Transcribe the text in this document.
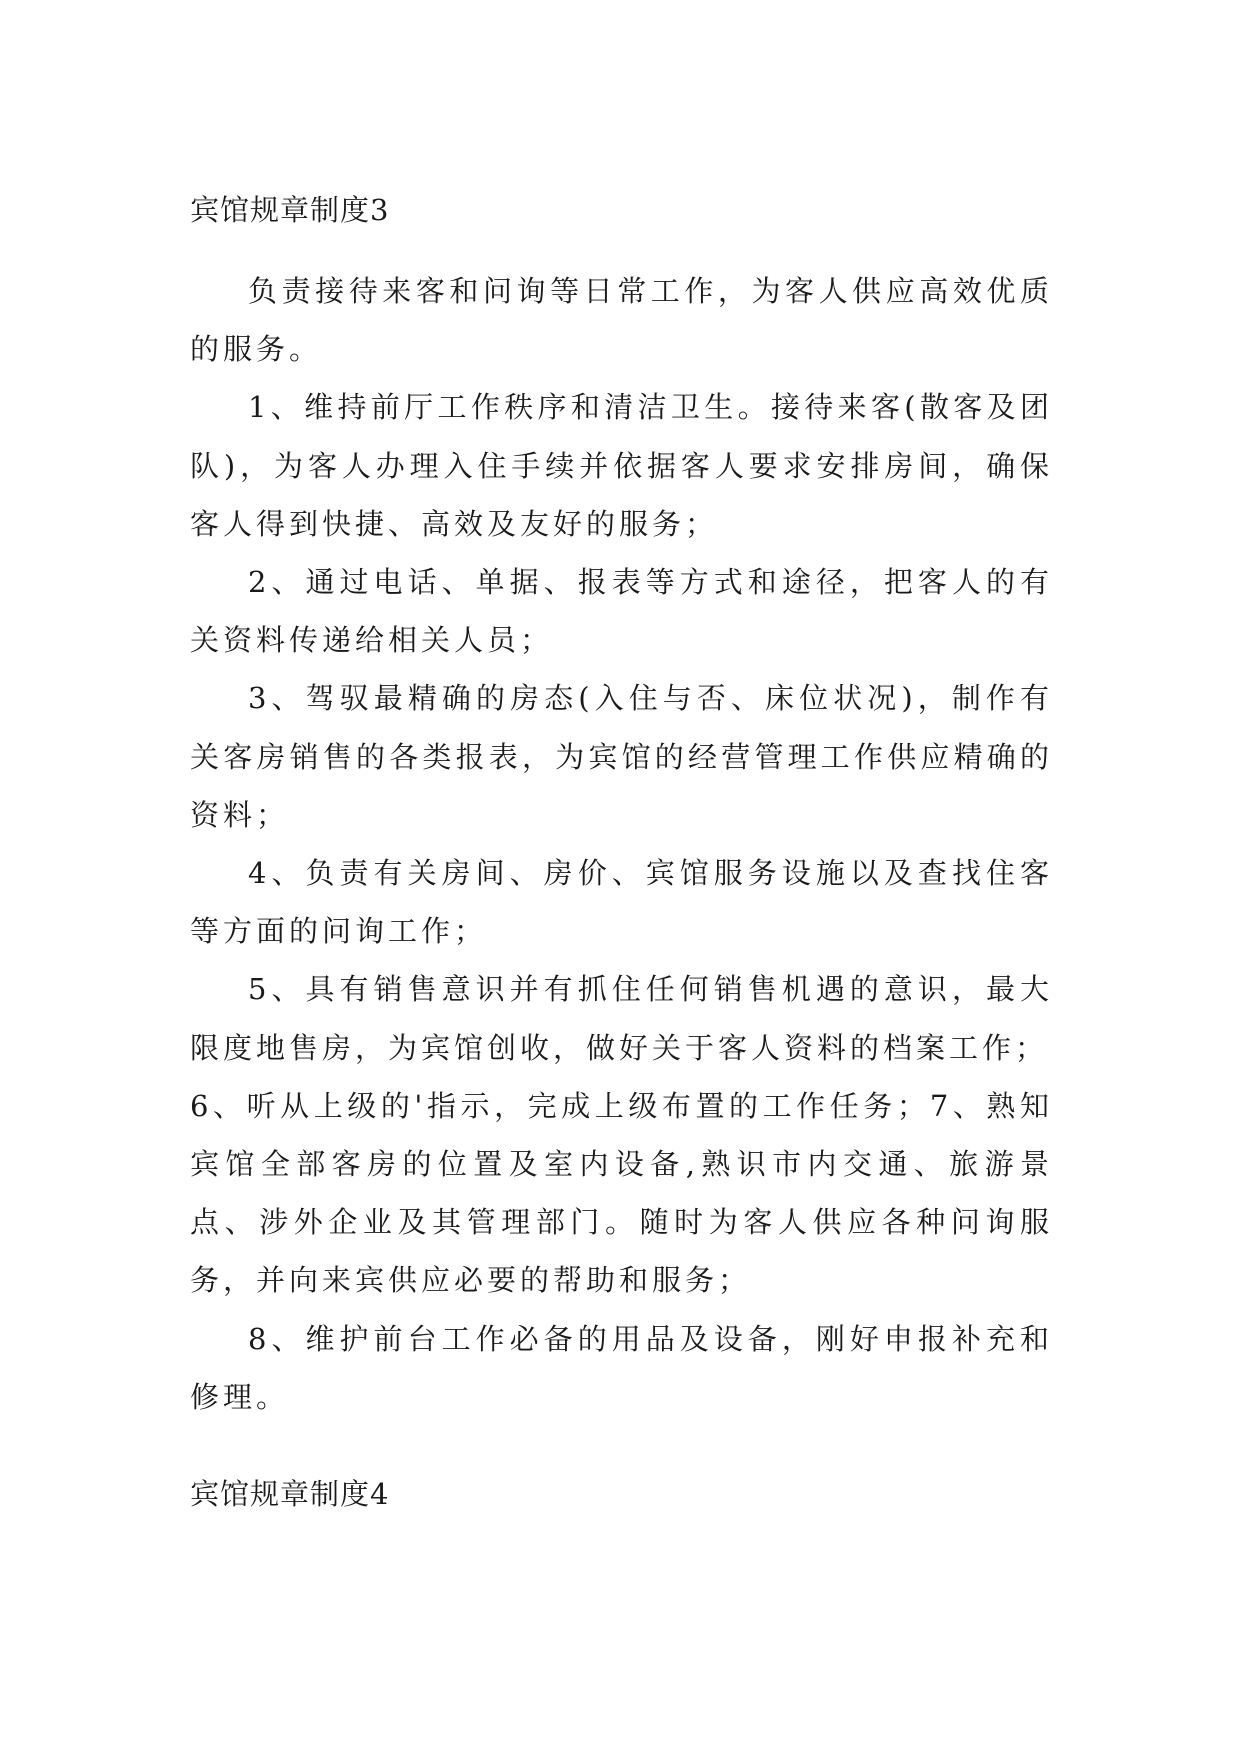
宾馆规章制度3

负责接待来客和问询等日常工作，为客人供应高效优质的服务。

1、维持前厅工作秩序和清洁卫生。接待来客(散客及团队)，为客人办理入住手续并依据客人要求安排房间，确保客人得到快捷、高效及友好的服务；

2、通过电话、单据、报表等方式和途径，把客人的有关资料传递给相关人员；

3、驾驭最精确的房态(入住与否、床位状况)，制作有关客房销售的各类报表，为宾馆的经营管理工作供应精确的资料；

4、负责有关房间、房价、宾馆服务设施以及查找住客等方面的问询工作；

5、具有销售意识并有抓住任何销售机遇的意识，最大限度地售房，为宾馆创收，做好关于客人资料的档案工作；

6、听从上级的'指示，完成上级布置的工作任务；7、熟知宾馆全部客房的位置及室内设备,熟识市内交通、旅游景点、涉外企业及其管理部门。随时为客人供应各种问询服务，并向来宾供应必要的帮助和服务；

8、维护前台工作必备的用品及设备，刚好申报补充和修理。

宾馆规章制度4
